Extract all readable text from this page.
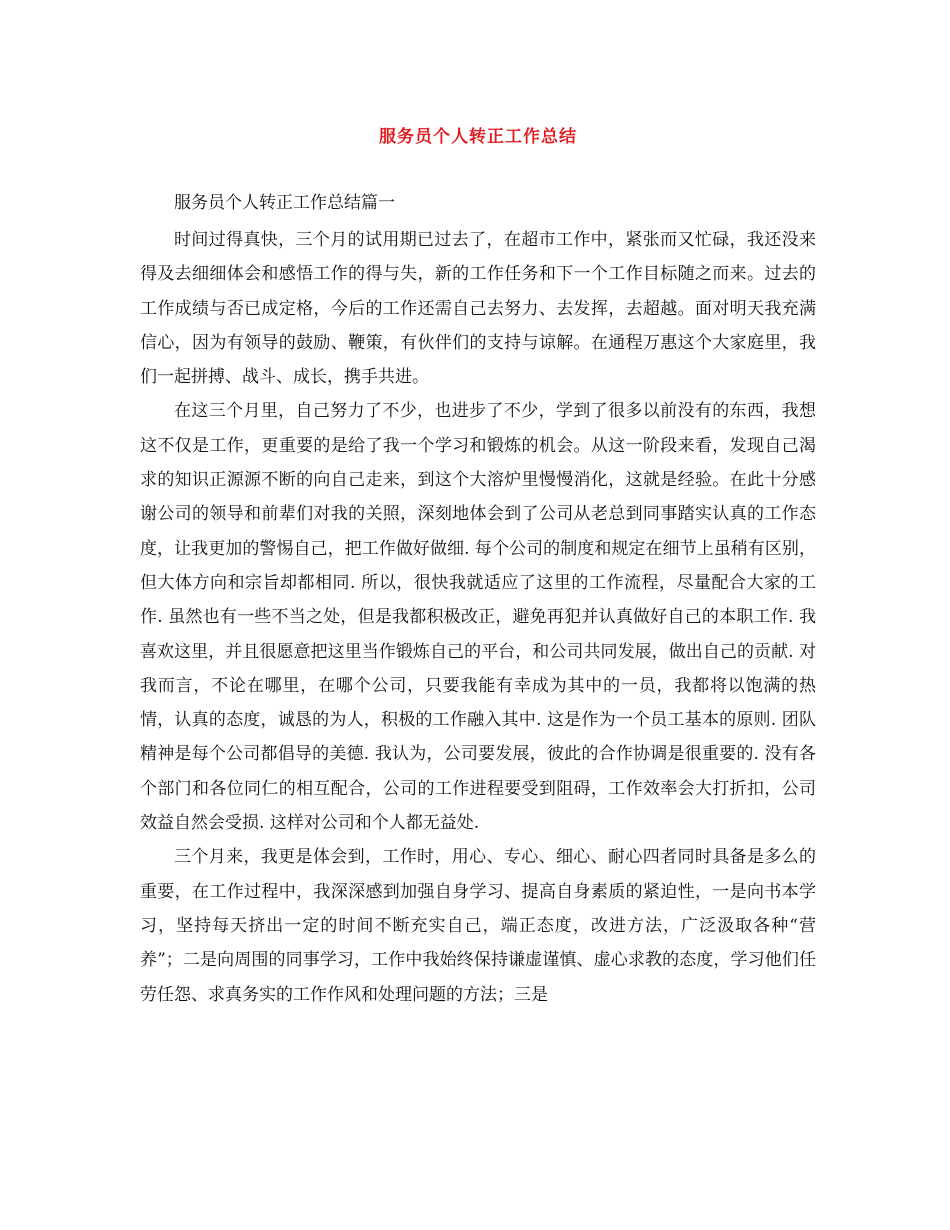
服务员个人转正工作总结

服务员个人转正工作总结篇一

时间过得真快，三个月的试用期已过去了，在超市工作中，紧张而又忙碌，我还没来得及去细细体会和感悟工作的得与失，新的工作任务和下一个工作目标随之而来。过去的工作成绩与否已成定格，今后的工作还需自己去努力、去发挥，去超越。面对明天我充满信心，因为有领导的鼓励、鞭策，有伙伴们的支持与谅解。在通程万惠这个大家庭里，我们一起拼搏、战斗、成长，携手共进。

在这三个月里，自己努力了不少，也进步了不少，学到了很多以前没有的东西，我想这不仅是工作，更重要的是给了我一个学习和锻炼的机会。从这一阶段来看，发现自己渴求的知识正源源不断的向自己走来，到这个大溶炉里慢慢消化，这就是经验。在此十分感谢公司的领导和前辈们对我的关照，深刻地体会到了公司从老总到同事踏实认真的工作态度，让我更加的警惕自己，把工作做好做细. 每个公司的制度和规定在细节上虽稍有区别，但大体方向和宗旨却都相同. 所以，很快我就适应了这里的工作流程，尽量配合大家的工作. 虽然也有一些不当之处，但是我都积极改正，避免再犯并认真做好自己的本职工作. 我喜欢这里，并且很愿意把这里当作锻炼自己的平台，和公司共同发展，做出自己的贡献. 对我而言，不论在哪里，在哪个公司，只要我能有幸成为其中的一员，我都将以饱满的热情，认真的态度，诚恳的为人，积极的工作融入其中. 这是作为一个员工基本的原则. 团队精神是每个公司都倡导的美德. 我认为，公司要发展，彼此的合作协调是很重要的. 没有各个部门和各位同仁的相互配合，公司的工作进程要受到阻碍，工作效率会大打折扣，公司效益自然会受损. 这样对公司和个人都无益处.

三个月来，我更是体会到，工作时，用心、专心、细心、耐心四者同时具备是多么的重要，在工作过程中，我深深感到加强自身学习、提高自身素质的紧迫性，一是向书本学习，坚持每天挤出一定的时间不断充实自己，端正态度，改进方法，广泛汲取各种“营养”；二是向周围的同事学习，工作中我始终保持谦虚谨慎、虚心求教的态度，学习他们任劳任怨、求真务实的工作作风和处理问题的方法；三是
